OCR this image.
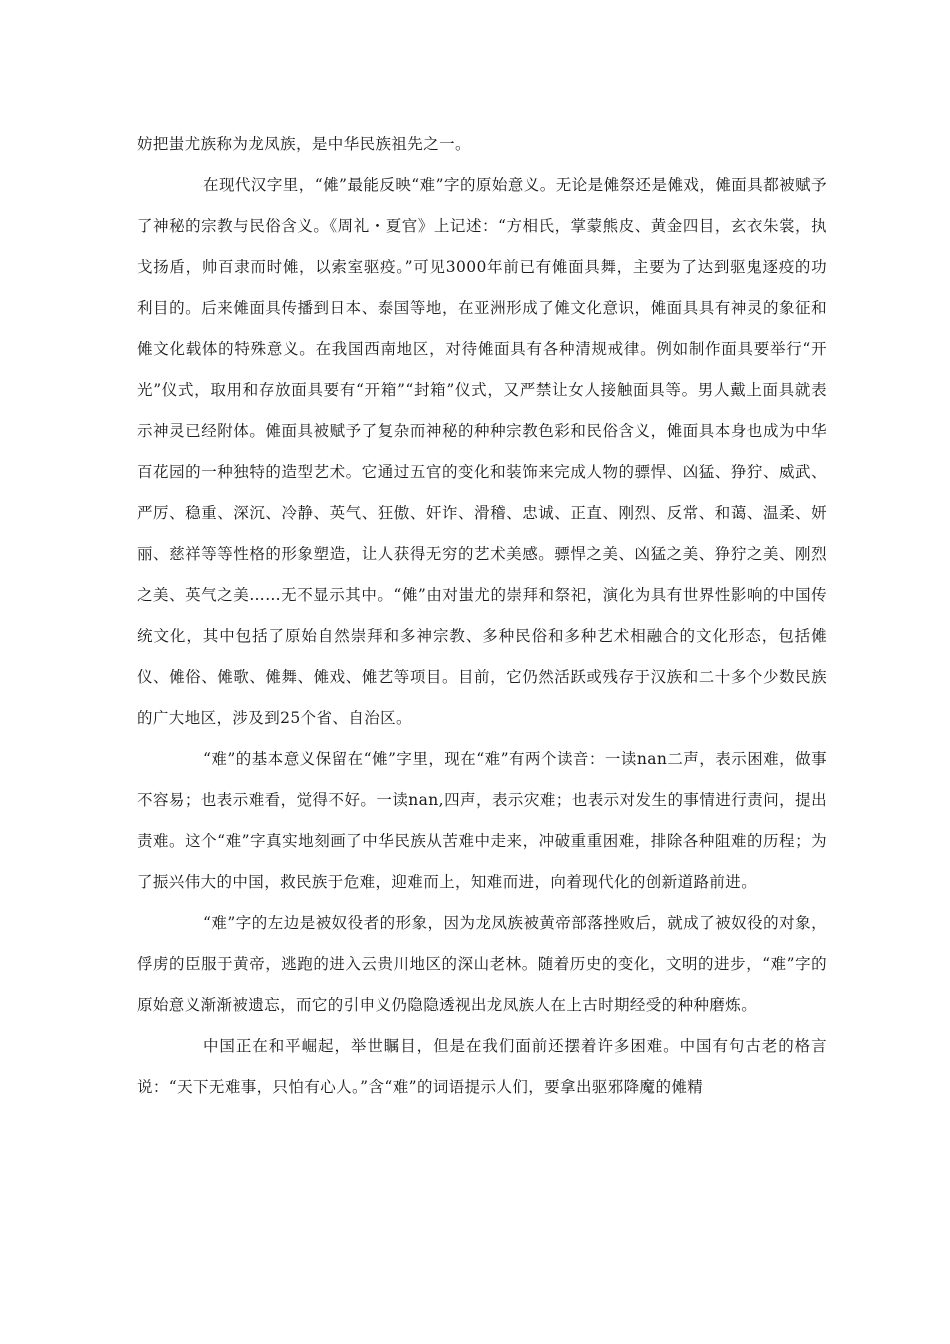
妨把蚩尤族称为龙凤族，是中华民族祖先之一。

在现代汉字里，“傩”最能反映“难”字的原始意义。无论是傩祭还是傩戏，傩面具都被赋予了神秘的宗教与民俗含义。《周礼・夏官》上记述：“方相氏，掌蒙熊皮、黄金四目，玄衣朱裳，执戈扬盾，帅百隶而时傩，以索室驱疫。”可见3000年前已有傩面具舞，主要为了达到驱鬼逐疫的功利目的。后来傩面具传播到日本、泰国等地，在亚洲形成了傩文化意识，傩面具具有神灵的象征和傩文化载体的特殊意义。在我国西南地区，对待傩面具有各种清规戒律。例如制作面具要举行“开光”仪式，取用和存放面具要有“开箱”“封箱”仪式，又严禁让女人接触面具等。男人戴上面具就表示神灵已经附体。傩面具被赋予了复杂而神秘的种种宗教色彩和民俗含义，傩面具本身也成为中华百花园的一种独特的造型艺术。它通过五官的变化和装饰来完成人物的骠悍、凶猛、狰狞、威武、严厉、稳重、深沉、冷静、英气、狂傲、奸诈、滑稽、忠诚、正直、刚烈、反常、和蔼、温柔、妍丽、慈祥等等性格的形象塑造，让人获得无穷的艺术美感。骠悍之美、凶猛之美、狰狞之美、刚烈之美、英气之美……无不显示其中。“傩”由对蚩尤的崇拜和祭祀，演化为具有世界性影响的中国传统文化，其中包括了原始自然崇拜和多神宗教、多种民俗和多种艺术相融合的文化形态，包括傩仪、傩俗、傩歌、傩舞、傩戏、傩艺等项目。目前，它仍然活跃或残存于汉族和二十多个少数民族的广大地区，涉及到25个省、自治区。

“难”的基本意义保留在“傩”字里，现在“难”有两个读音：一读nan二声，表示困难，做事不容易；也表示难看，觉得不好。一读nan,四声，表示灾难；也表示对发生的事情进行责问，提出责难。这个“难”字真实地刻画了中华民族从苦难中走来，冲破重重困难，排除各种阻难的历程；为了振兴伟大的中国，救民族于危难，迎难而上，知难而进，向着现代化的创新道路前进。

“难”字的左边是被奴役者的形象，因为龙凤族被黄帝部落挫败后，就成了被奴役的对象，俘虏的臣服于黄帝，逃跑的进入云贵川地区的深山老林。随着历史的变化，文明的进步，“难”字的原始意义渐渐被遗忘，而它的引申义仍隐隐透视出龙凤族人在上古时期经受的种种磨炼。

中国正在和平崛起，举世瞩目，但是在我们面前还摆着许多困难。中国有句古老的格言说：“天下无难事，只怕有心人。”含“难”的词语提示人们，要拿出驱邪降魔的傩精
